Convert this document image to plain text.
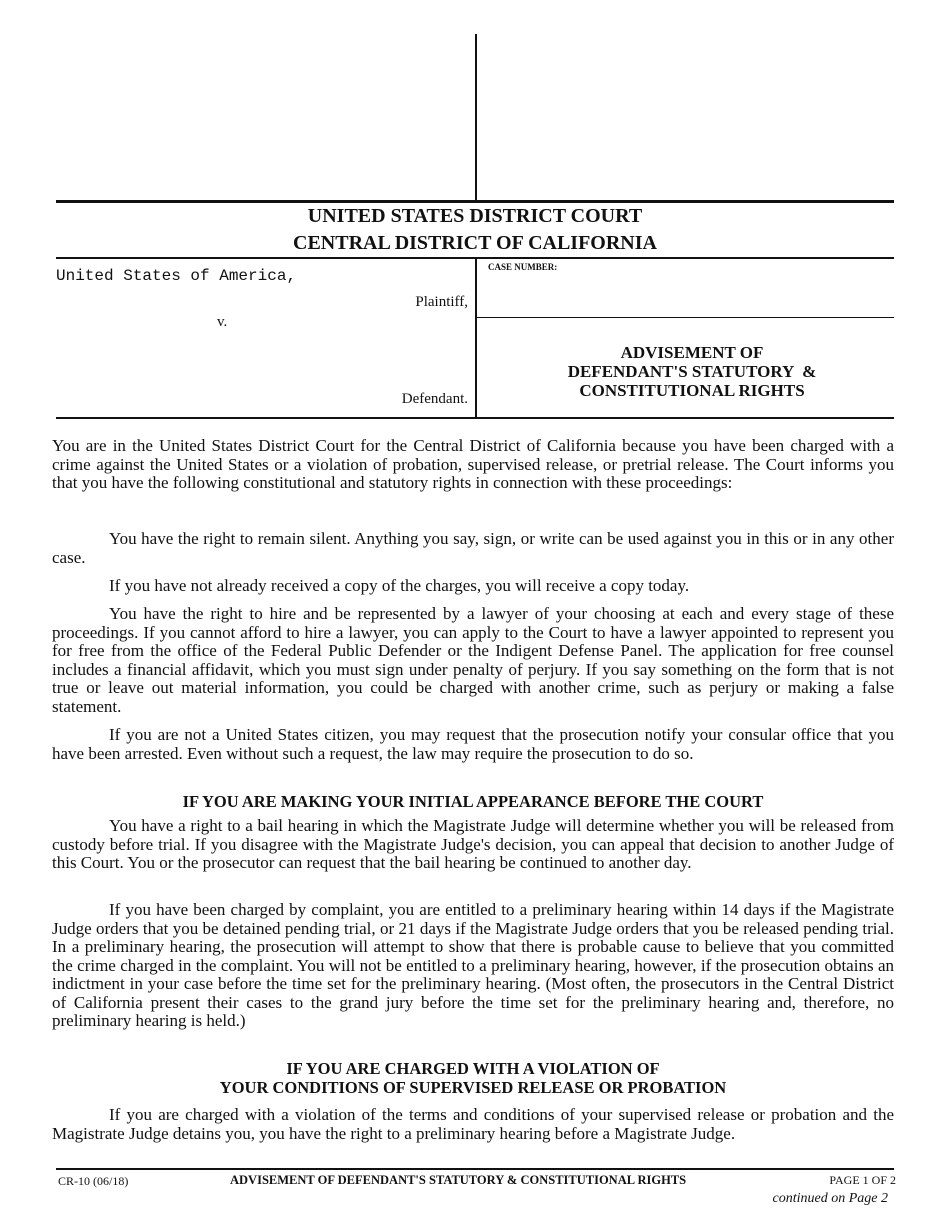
UNITED STATES DISTRICT COURT
CENTRAL DISTRICT OF CALIFORNIA
United States of America,
Plaintiff,
v.
Defendant.
CASE NUMBER:
ADVISEMENT OF
DEFENDANT'S STATUTORY  &
CONSTITUTIONAL RIGHTS
You are in the United States District Court for the Central District of California because you have been charged with a crime against the United States or a violation of probation, supervised release, or pretrial release. The Court informs you that you have the following constitutional and statutory rights in connection with these proceedings:
You have the right to remain silent. Anything you say, sign, or write can be used against you in this or in any other case.
If you have not already received a copy of the charges, you will receive a copy today.
You have the right to hire and be represented by a lawyer of your choosing at each and every stage of these proceedings. If you cannot afford to hire a lawyer, you can apply to the Court to have a lawyer appointed to represent you for free from the office of the Federal Public Defender or the Indigent Defense Panel. The application for free counsel includes a financial affidavit, which you must sign under penalty of perjury. If you say something on the form that is not true or leave out material information, you could be charged with another crime, such as perjury or making a false statement.
If you are not a United States citizen, you may request that the prosecution notify your consular office that you have been arrested. Even without such a request, the law may require the prosecution to do so.
IF YOU ARE MAKING YOUR INITIAL APPEARANCE BEFORE THE COURT
You have a right to a bail hearing in which the Magistrate Judge will determine whether you will be released from custody before trial. If you disagree with the Magistrate Judge's decision, you can appeal that decision to another Judge of this Court. You or the prosecutor can request that the bail hearing be continued to another day.
If you have been charged by complaint, you are entitled to a preliminary hearing within 14 days if the Magistrate Judge orders that you be detained pending trial, or 21 days if the Magistrate Judge orders that you be released pending trial. In a preliminary hearing, the prosecution will attempt to show that there is probable cause to believe that you committed the crime charged in the complaint. You will not be entitled to a preliminary hearing, however, if the prosecution obtains an indictment in your case before the time set for the preliminary hearing. (Most often, the prosecutors in the Central District of California present their cases to the grand jury before the time set for the preliminary hearing and, therefore, no preliminary hearing is held.)
IF YOU ARE CHARGED WITH A VIOLATION OF
YOUR CONDITIONS OF SUPERVISED RELEASE OR PROBATION
If you are charged with a violation of the terms and conditions of your supervised release or probation and the Magistrate Judge detains you, you have the right to a preliminary hearing before a Magistrate Judge.
CR-10 (06/18)	ADVISEMENT OF DEFENDANT'S STATUTORY & CONSTITUTIONAL RIGHTS	PAGE 1 OF 2
continued on Page 2
